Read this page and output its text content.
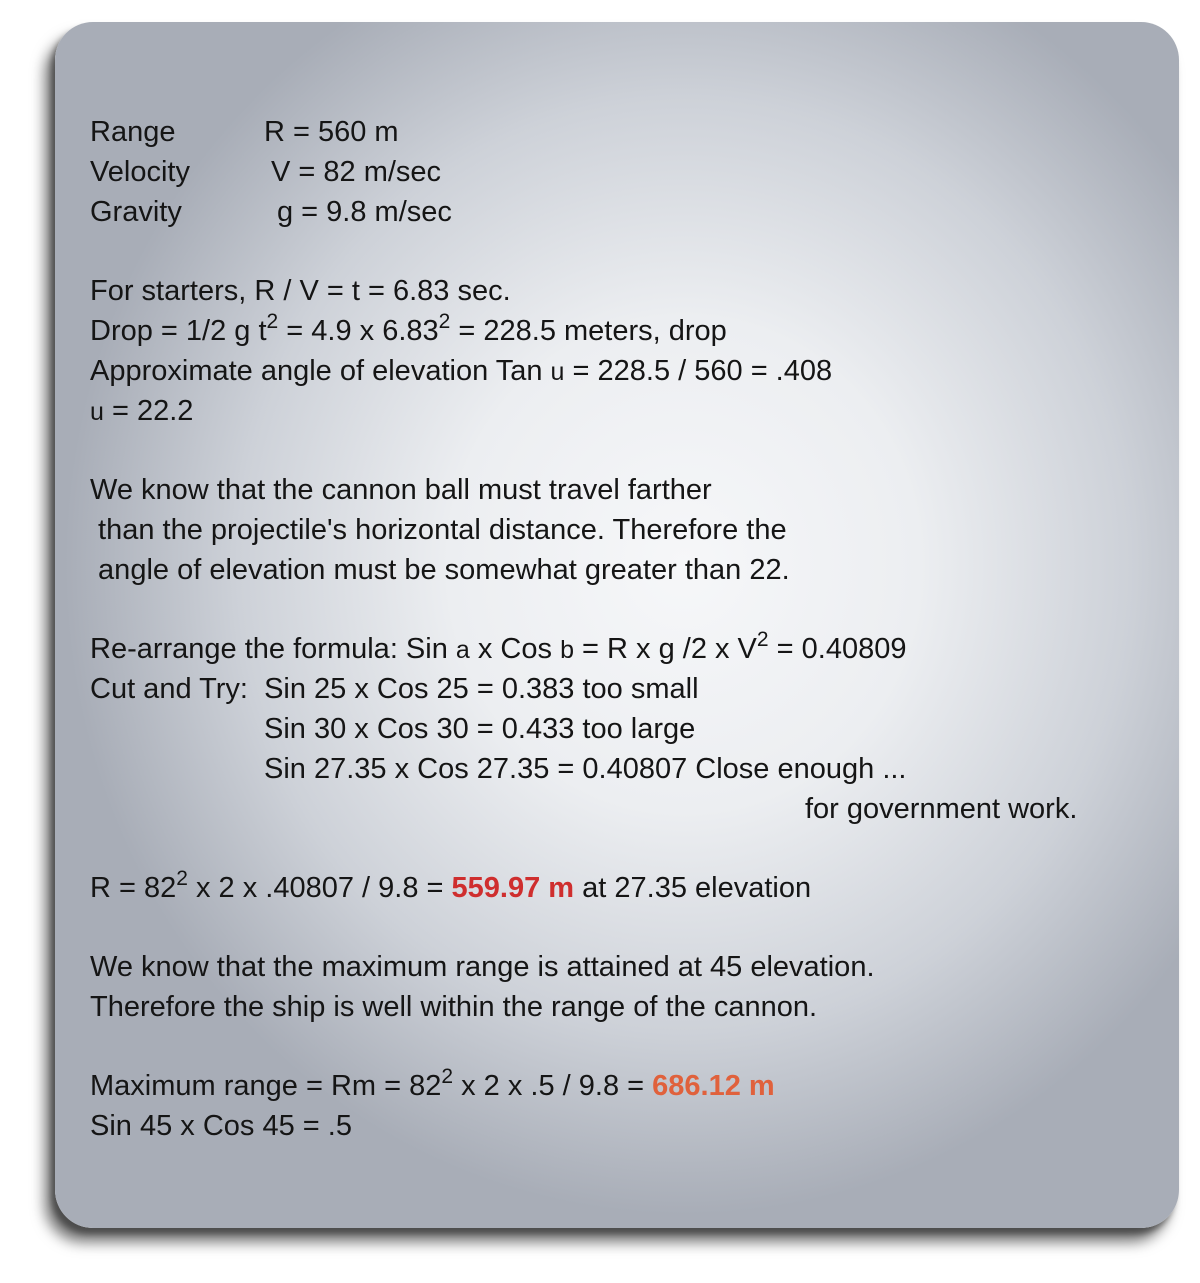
Range	R = 560 m

Velocity	V = 82 m/sec

Gravity	g = 9.8 m/sec

For starters, R / V = t = 6.83 sec.

Drop = 1/2 g $t^2 = 4.9$ x $6.83^2 = 228.5$ meters, drop

Approximate angle of elevation Tan u = 228.5 / 560 = .408

u = 22.2

We know that the cannon ball must travel farther

than the projectile's horizontal distance. Therefore the

angle of elevation must be somewhat greater than 22.

Re-arrange the formula: Sin a x Cos b = R x g /2 x $V^2 = 0.40809$

Cut and Try:  Sin 25 x Cos 25 = 0.383 too small

Sin 30 x Cos 30 = 0.433 too large

Sin 27.35 x Cos 27.35 = 0.40807 Close enough ...

for government work.

$R = 82^2$ x 2 x .40807 / 9.8 = 559.97 m at 27.35 elevation

We know that the maximum range is attained at 45 elevation.

Therefore the ship is well within the range of the cannon.

Maximum range = $Rm = 82^2$ x 2 x .5 / 9.8 = 686.12 m

Sin 45 x Cos 45 = .5
